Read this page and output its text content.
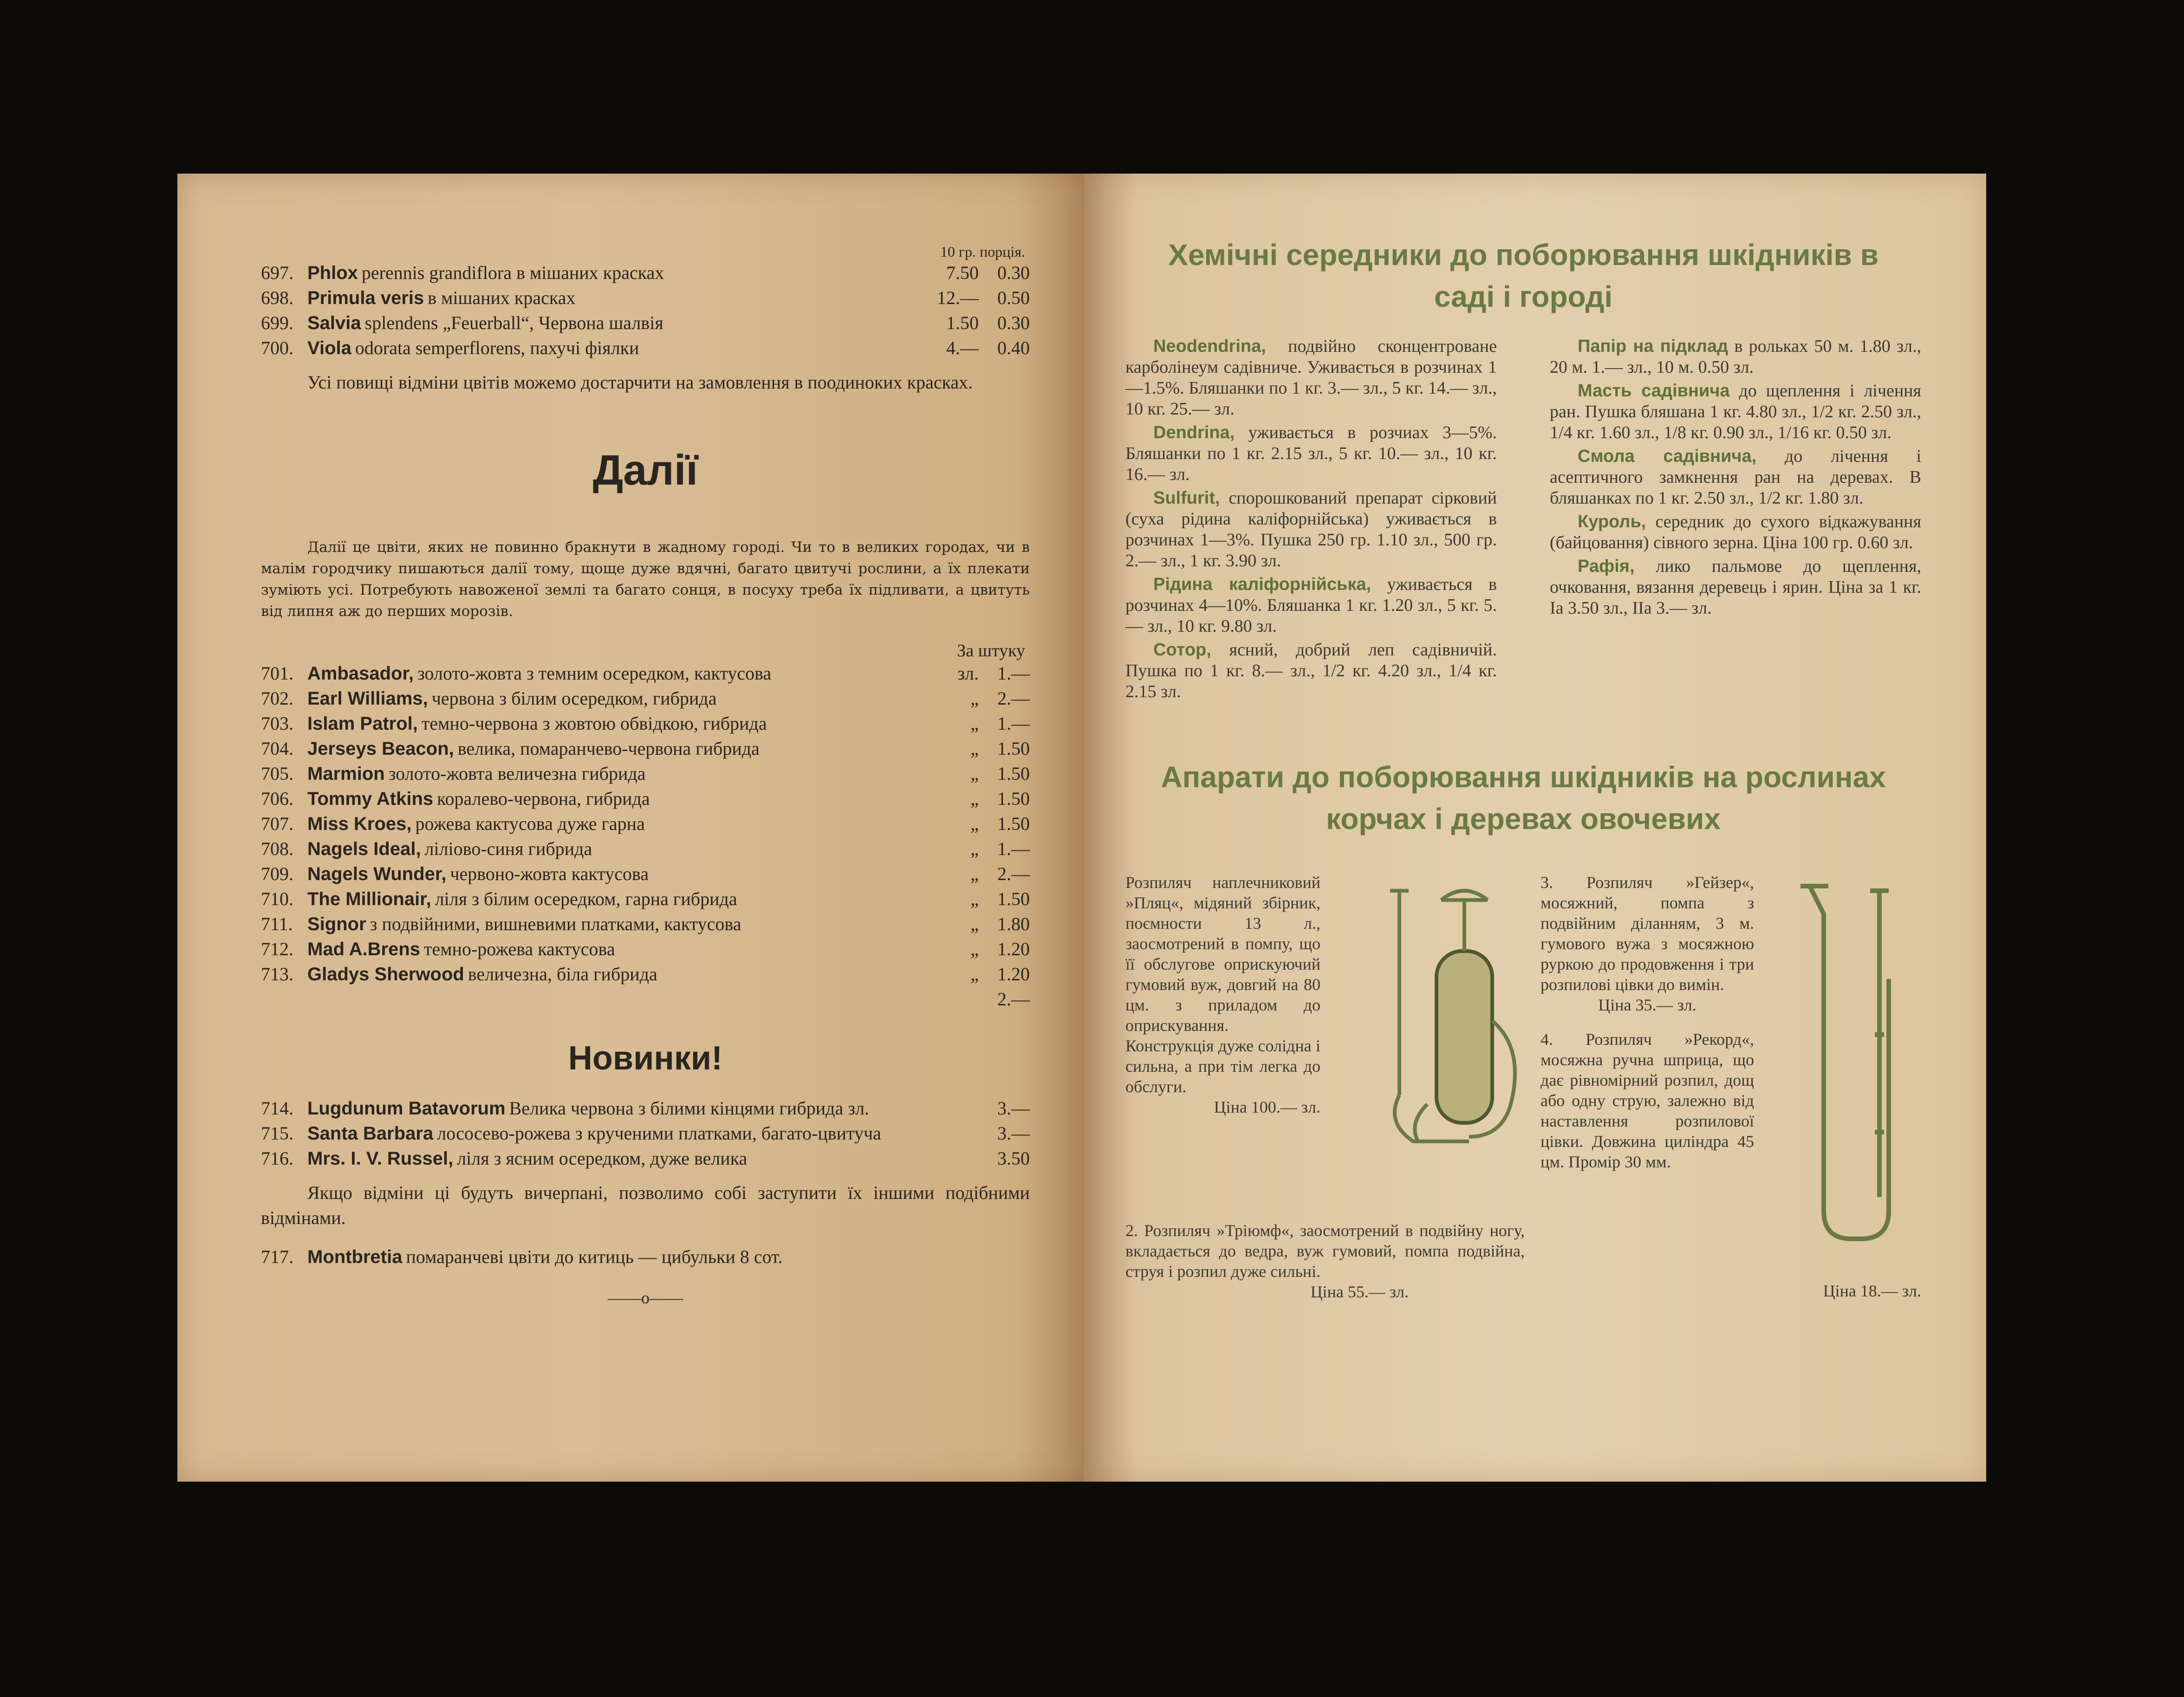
10 гр. порція.
697. Phlox perennis grandiflora в мішаних красках	7.50	0.30
698. Primula veris в мішаних красках	12.—	0.50
699. Salvia splendens „Feuerball“, Червона шалвія	1.50	0.30
700. Viola odorata semperflorens, пахучі фіялки	4.—	0.40
Усі повищі відміни цвітів можемо достарчити на замовлення в поодиноких красках.
Далії
Далії це цвіти, яких не повинно бракнути в жадному городі. Чи то в великих городах, чи в малім городчику пишаються далії тому, щоще дуже вдячні, багато цвитучі рослини, а їх плекати зуміють усі. Потребують навоженої землі та багато сонця, в посуху треба їх підливати, а цвитуть від липня аж до перших морозів.
За штуку
701. Ambasador, золото-жовта з темним осередком, кактусова	зл.	1.—
702. Earl Williams, червона з білим осередком, гибрида	„	2.—
703. Islam Patrol, темно-червона з жовтою обвідкою, гибрида	„	1.—
704. Jerseys Beacon, велика, помаранчево-червона гибрида	„	1.50
705. Marmion золото-жовта величезна гибрида	„	1.50
706. Tommy Atkins коралево-червона, гибрида	„	1.50
707. Miss Kroes, рожева кактусова дуже гарна	„	1.50
708. Nagels Ideal, ліліово-синя гибрида	„	1.—
709. Nagels Wunder, червоно-жовта кактусова	„	2.—
710. The Millionair, ліля з білим осередком, гарна гибрида	„	1.50
711. Signor з подвійними, вишневими платками, кактусова	„	1.80
712. Mad A.Brens темно-рожева кактусова	„	1.20
713. Gladys Sherwood величезна, біла гибрида	„	1.20
2.—
Новинки!
714. Lugdunum Batavorum Велика червона з білими кінцями гибрида зл.	3.—
715. Santa Barbara лососево-рожева з крученими платками, багато-цвитуча	3.—
716. Mrs. I. V. Russel, ліля з ясним осередком, дуже велика	3.50
Якщо відміни ці будуть вичерпані, позволимо собі заступити їх іншими подібними відмінами.
717. Montbretia помаранчеві цвіти до китиць — цибульки 8 сот.
——o——
Хемічні середники до поборювання шкідників в саді і городі

Neodendrina, подвійно сконцентроване карболінеум садівниче. Уживається в розчинах 1—1.5%. Бляшанки по 1 кг. 3.— зл., 5 кг. 14.— зл., 10 кг. 25.— зл.

Dendrina, уживається в розчиах 3—5%. Бляшанки по 1 кг. 2.15 зл., 5 кг. 10.— зл., 10 кг. 16.— зл.

Sulfurit, спорошкований препарат сірковий (суха рідина каліфорнійська) уживається в розчинах 1—3%. Пушка 250 гр. 1.10 зл., 500 гр. 2.— зл., 1 кг. 3.90 зл.

Рідина каліфорнійська, уживається в розчинах 4—10%. Бляшанка 1 кг. 1.20 зл., 5 кг. 5.— зл., 10 кг. 9.80 зл.

Сотор, ясний, добрий леп садівничій. Пушка по 1 кг. 8.— зл., 1/2 кг. 4.20 зл., 1/4 кг. 2.15 зл.

Папір на підклад в рольках 50 м. 1.80 зл., 20 м. 1.— зл., 10 м. 0.50 зл.

Масть садівнича до щеплення і лічення ран. Пушка бляшана 1 кг. 4.80 зл., 1/2 кг. 2.50 зл., 1/4 кг. 1.60 зл., 1/8 кг. 0.90 зл., 1/16 кг. 0.50 зл.

Смола садівнича, до лічення і асептичного замкнення ран на деревах. В бляшанках по 1 кг. 2.50 зл., 1/2 кг. 1.80 зл.

Куроль, середник до сухого відкажування (байцовання) сівного зерна. Ціна 100 гр. 0.60 зл.

Рафія, лико пальмове до щеплення, очковання, вязання деревець і ярин. Ціна за 1 кг. Ia 3.50 зл., IIa 3.— зл.

Апарати до поборювання шкідників на рослинах корчах і деревах овочевих
Розпиляч наплечниковий »Пляц«, мідяний збірник, поємности 13 л., заосмотрений в помпу, що її обслугове оприскуючий гумовий вуж, довгий на 80 цм. з приладом до оприскування. Конструкція дуже солідна і сильна, а при тім легка до обслуги.
Ціна 100.— зл.
2. Розпиляч »Тріюмф«, заосмотрений в подвійну ногу, вкладається до ведра, вуж гумовий, помпа подвійна, струя і розпил дуже сильні.
Ціна 55.— зл.
3. Розпиляч »Гейзер«, мосяжний, помпа з подвійним діланням, 3 м. гумового вужа з мосяжною руркою до продовження і три розпилові цівки до вимін.
Ціна 35.— зл.
4. Розпиляч »Рекорд«, мосяжна ручна шприца, що дає рівномірний розпил, дощ або одну струю, залежно від наставлення розпилової цівки. Довжина циліндра 45 цм. Промір 30 мм.
Ціна 18.— зл.
